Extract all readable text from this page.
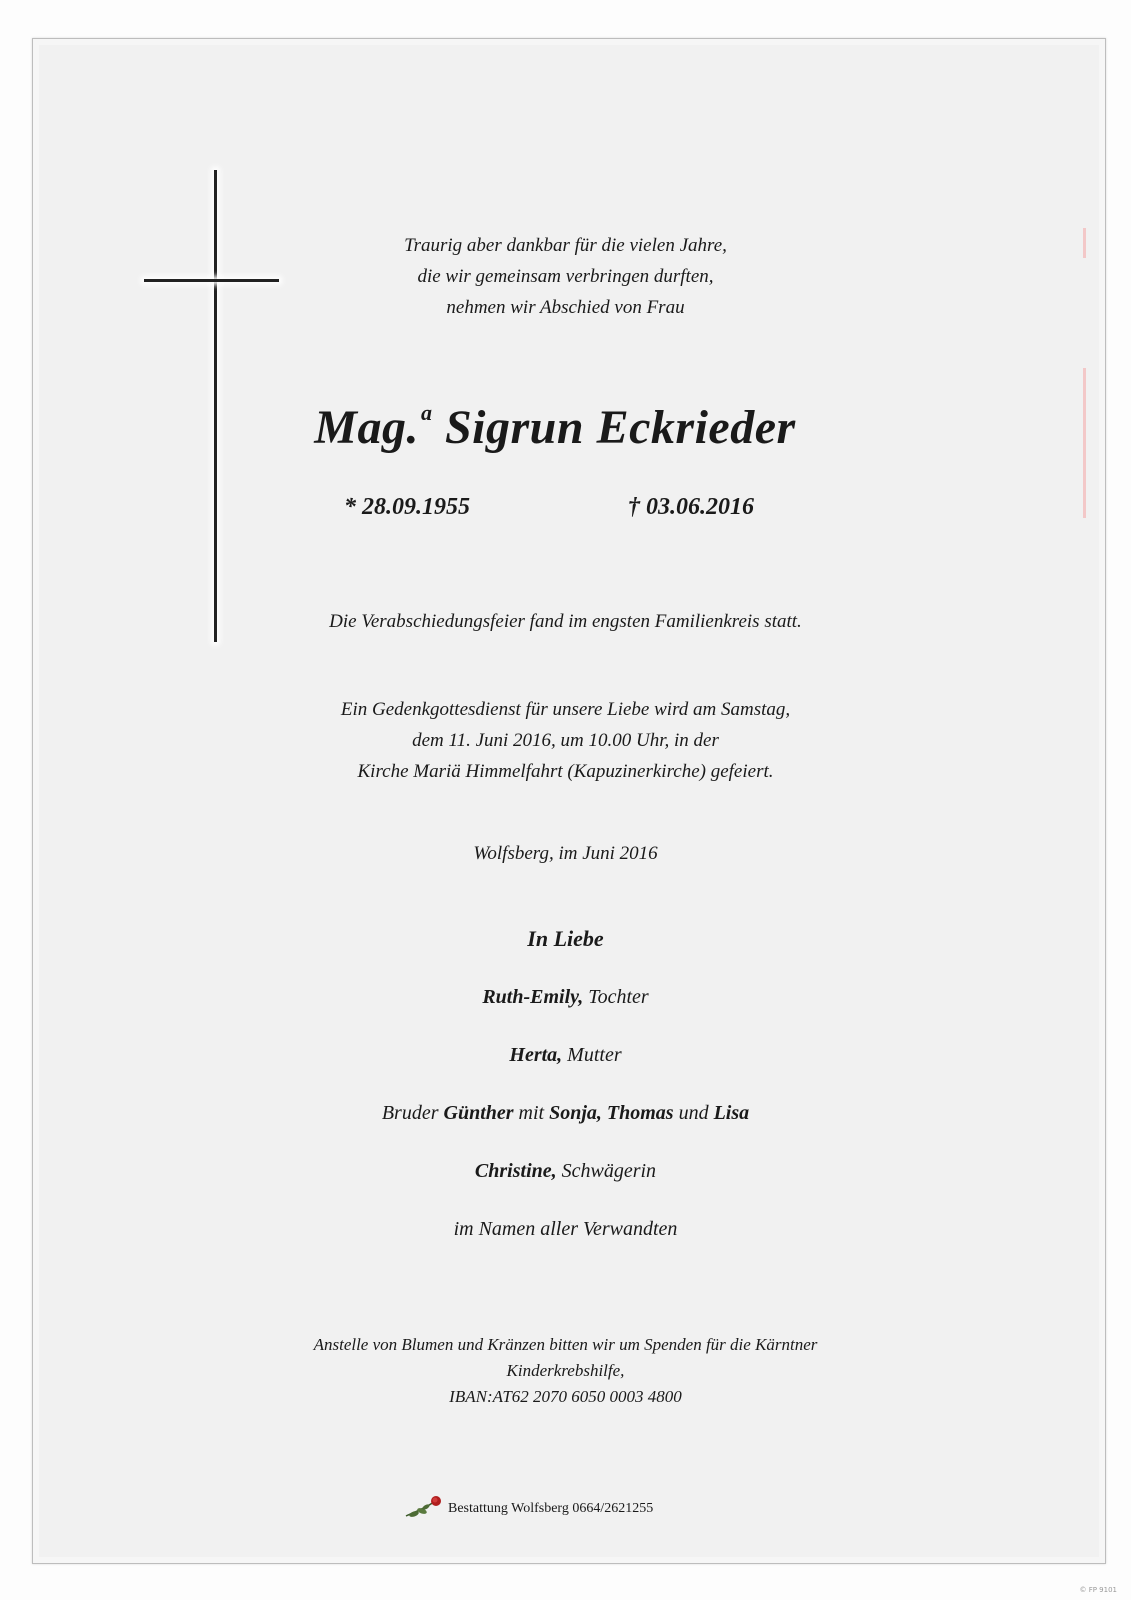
Traurig aber dankbar für die vielen Jahre,
die wir gemeinsam verbringen durften,
nehmen wir Abschied von Frau
Mag.$^a$ Sigrun Eckrieder
* 28.09.1955	† 03.06.2016

Die Verabschiedungsfeier fand im engsten Familienkreis statt.

Ein Gedenkgottesdienst für unsere Liebe wird am Samstag,
dem 11. Juni 2016, um 10.00 Uhr, in der
Kirche Mariä Himmelfahrt (Kapuzinerkirche) gefeiert.

Wolfsberg, im Juni 2016

In Liebe
Ruth-Emily, Tochter
Herta, Mutter
Bruder Günther mit Sonja, Thomas und Lisa
Christine, Schwägerin
im Namen aller Verwandten
Anstelle von Blumen und Kränzen bitten wir um Spenden für die Kärntner
Kinderkrebshilfe,
IBAN:AT62 2070 6050 0003 4800
Bestattung Wolfsberg 0664/2621255
© FP 9101
